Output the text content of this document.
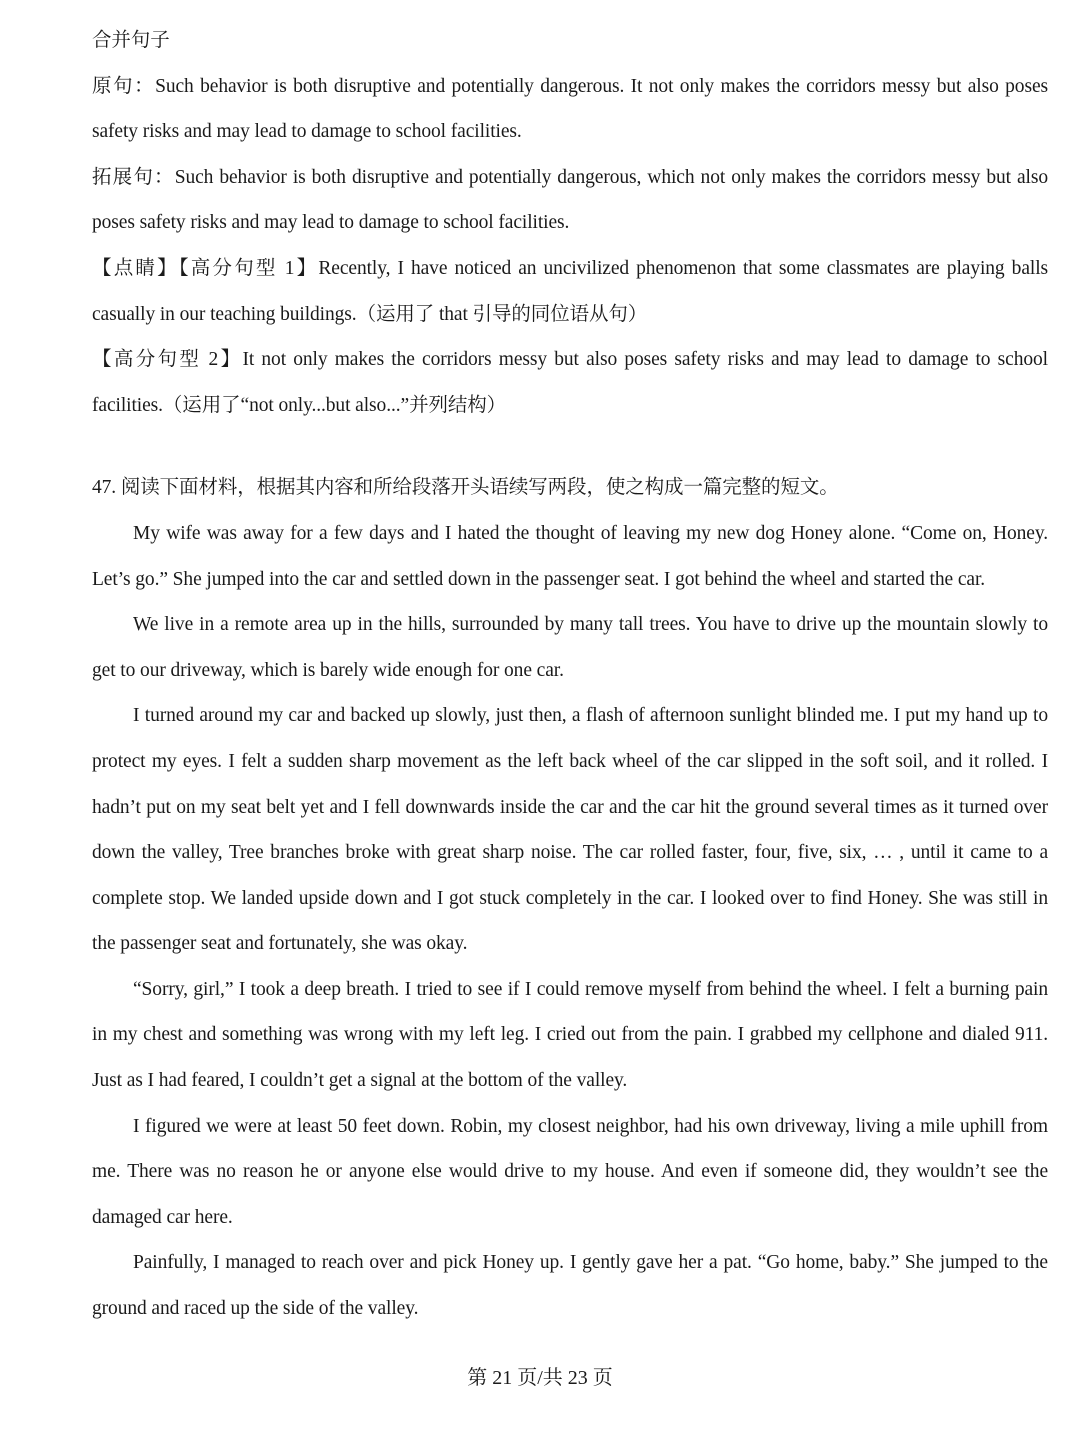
合并句子

原句：Such behavior is both disruptive and potentially dangerous. It not only makes the corridors messy but also poses safety risks and may lead to damage to school facilities.

拓展句：Such behavior is both disruptive and potentially dangerous, which not only makes the corridors messy but also poses safety risks and may lead to damage to school facilities.

【点睛】【高分句型 1】Recently, I have noticed an uncivilized phenomenon that some classmates are playing balls casually in our teaching buildings.（运用了 that 引导的同位语从句）

【高分句型 2】It not only makes the corridors messy but also poses safety risks and may lead to damage to school facilities.（运用了“not only...but also...”并列结构）

47. 阅读下面材料，根据其内容和所给段落开头语续写两段，使之构成一篇完整的短文。

My wife was away for a few days and I hated the thought of leaving my new dog Honey alone. “Come on, Honey. Let’s go.” She jumped into the car and settled down in the passenger seat. I got behind the wheel and started the car.

We live in a remote area up in the hills, surrounded by many tall trees. You have to drive up the mountain slowly to get to our driveway, which is barely wide enough for one car.

I turned around my car and backed up slowly, just then, a flash of afternoon sunlight blinded me. I put my hand up to protect my eyes. I felt a sudden sharp movement as the left back wheel of the car slipped in the soft soil, and it rolled. I hadn’t put on my seat belt yet and I fell downwards inside the car and the car hit the ground several times as it turned over down the valley, Tree branches broke with great sharp noise. The car rolled faster, four, five, six, … , until it came to a complete stop. We landed upside down and I got stuck completely in the car. I looked over to find Honey. She was still in the passenger seat and fortunately, she was okay.

“Sorry, girl,” I took a deep breath. I tried to see if I could remove myself from behind the wheel. I felt a burning pain in my chest and something was wrong with my left leg. I cried out from the pain. I grabbed my cellphone and dialed 911. Just as I had feared, I couldn’t get a signal at the bottom of the valley.

I figured we were at least 50 feet down. Robin, my closest neighbor, had his own driveway, living a mile uphill from me. There was no reason he or anyone else would drive to my house. And even if someone did, they wouldn’t see the damaged car here.

Painfully, I managed to reach over and pick Honey up. I gently gave her a pat. “Go home, baby.” She jumped to the ground and raced up the side of the valley.

第 21 页/共 23 页
